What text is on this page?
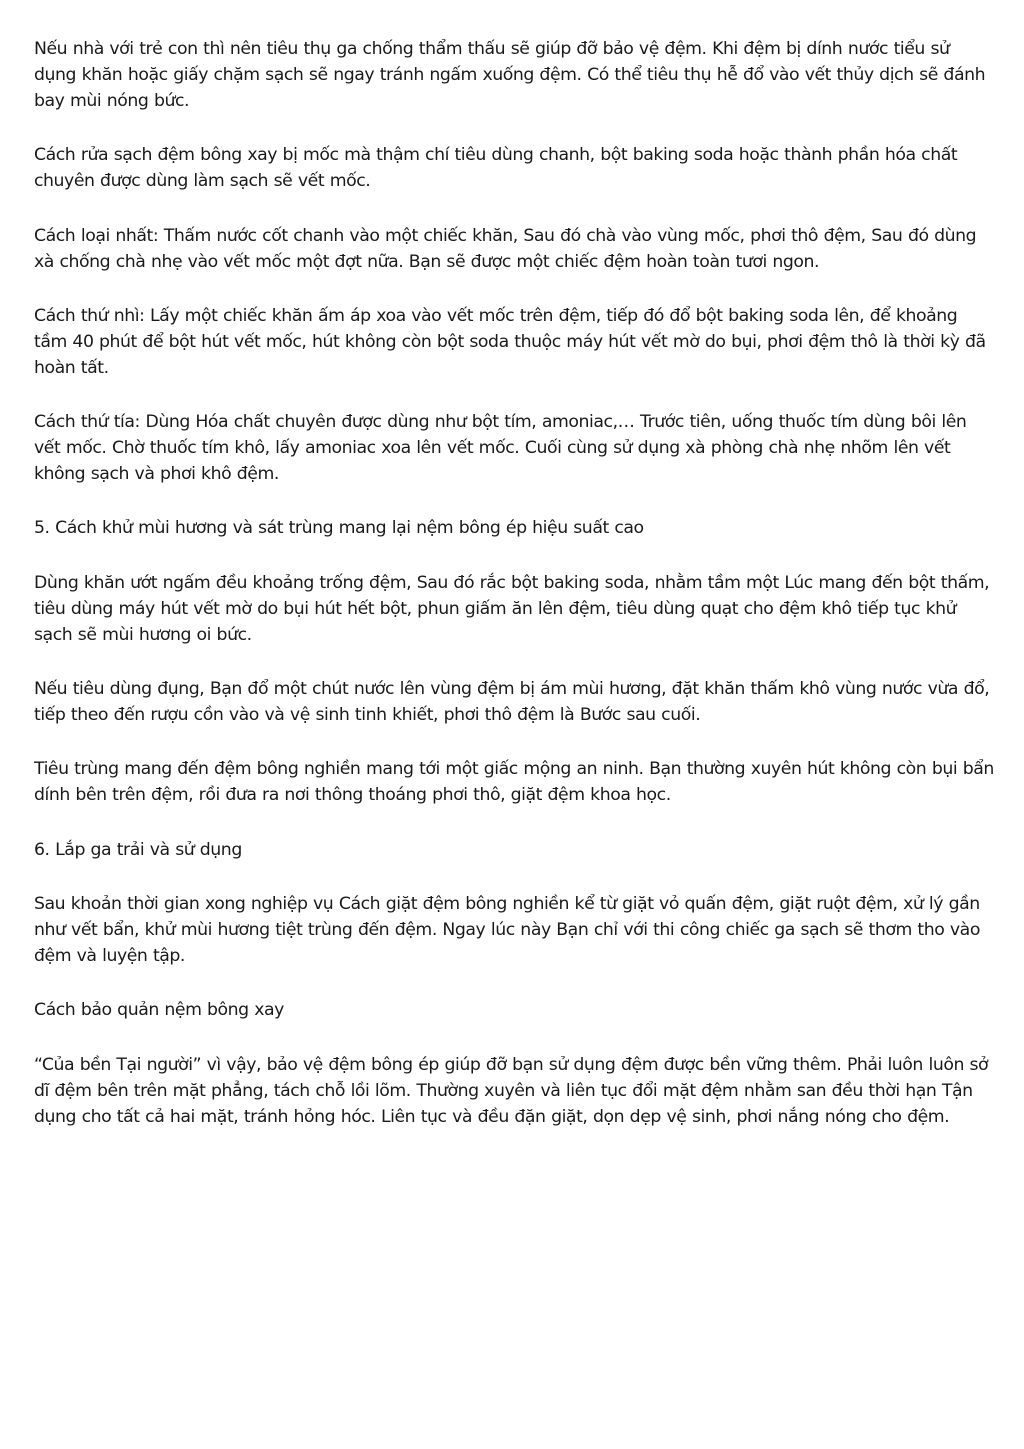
Nếu nhà với trẻ con thì nên tiêu thụ ga chống thẩm thấu sẽ giúp đỡ bảo vệ đệm. Khi đệm bị dính nước tiểu sử dụng khăn hoặc giấy chặm sạch sẽ ngay tránh ngấm xuống đệm. Có thể tiêu thụ hễ đổ vào vết thủy dịch sẽ đánh bay mùi nóng bức.

Cách rửa sạch đệm bông xay bị mốc mà thậm chí tiêu dùng chanh, bột baking soda hoặc thành phần hóa chất chuyên được dùng làm sạch sẽ vết mốc.

Cách loại nhất: Thấm nước cốt chanh vào một chiếc khăn, Sau đó chà vào vùng mốc, phơi thô đệm, Sau đó dùng xà chống chà nhẹ vào vết mốc một đợt nữa. Bạn sẽ được một chiếc đệm hoàn toàn tươi ngon.

Cách thứ nhì: Lấy một chiếc khăn ấm áp xoa vào vết mốc trên đệm, tiếp đó đổ bột baking soda lên, để khoảng tầm 40 phút để bột hút vết mốc, hút không còn bột soda thuộc máy hút vết mờ do bụi, phơi đệm thô là thời kỳ đã hoàn tất.

Cách thứ tía: Dùng Hóa chất chuyên được dùng như bột tím, amoniac,… Trước tiên, uống thuốc tím dùng bôi lên vết mốc. Chờ thuốc tím khô, lấy amoniac xoa lên vết mốc. Cuối cùng sử dụng xà phòng chà nhẹ nhõm lên vết không sạch và phơi khô đệm.

5. Cách khử mùi hương và sát trùng mang lại nệm bông ép hiệu suất cao

Dùng khăn ướt ngấm đều khoảng trống đệm, Sau đó rắc bột baking soda, nhằm tầm một Lúc mang đến bột thấm, tiêu dùng máy hút vết mờ do bụi hút hết bột, phun giấm ăn lên đệm, tiêu dùng quạt cho đệm khô tiếp tục khử sạch sẽ mùi hương oi bức.

Nếu tiêu dùng đụng, Bạn đổ một chút nước lên vùng đệm bị ám mùi hương, đặt khăn thấm khô vùng nước vừa đổ, tiếp theo đến rượu cồn vào và vệ sinh tinh khiết, phơi thô đệm là Bước sau cuối.

Tiêu trùng mang đến đệm bông nghiền mang tới một giấc mộng an ninh. Bạn thường xuyên hút không còn bụi bẩn dính bên trên đệm, rồi đưa ra nơi thông thoáng phơi thô, giặt đệm khoa học.

6. Lắp ga trải và sử dụng

Sau khoản thời gian xong nghiệp vụ Cách giặt đệm bông nghiền kể từ giặt vỏ quấn đệm, giặt ruột đệm, xử lý gần như vết bẩn, khử mùi hương tiệt trùng đến đệm. Ngay lúc này Bạn chỉ với thi công chiếc ga sạch sẽ thơm tho vào đệm và luyện tập.

Cách bảo quản nệm bông xay

“Của bền Tại người” vì vậy, bảo vệ đệm bông ép giúp đỡ bạn sử dụng đệm được bền vững thêm. Phải luôn luôn sở dĩ đệm bên trên mặt phẳng, tách chỗ lồi lõm. Thường xuyên và liên tục đổi mặt đệm nhằm san đều thời hạn Tận dụng cho tất cả hai mặt, tránh hỏng hóc. Liên tục và đều đặn giặt, dọn dẹp vệ sinh, phơi nắng nóng cho đệm.
